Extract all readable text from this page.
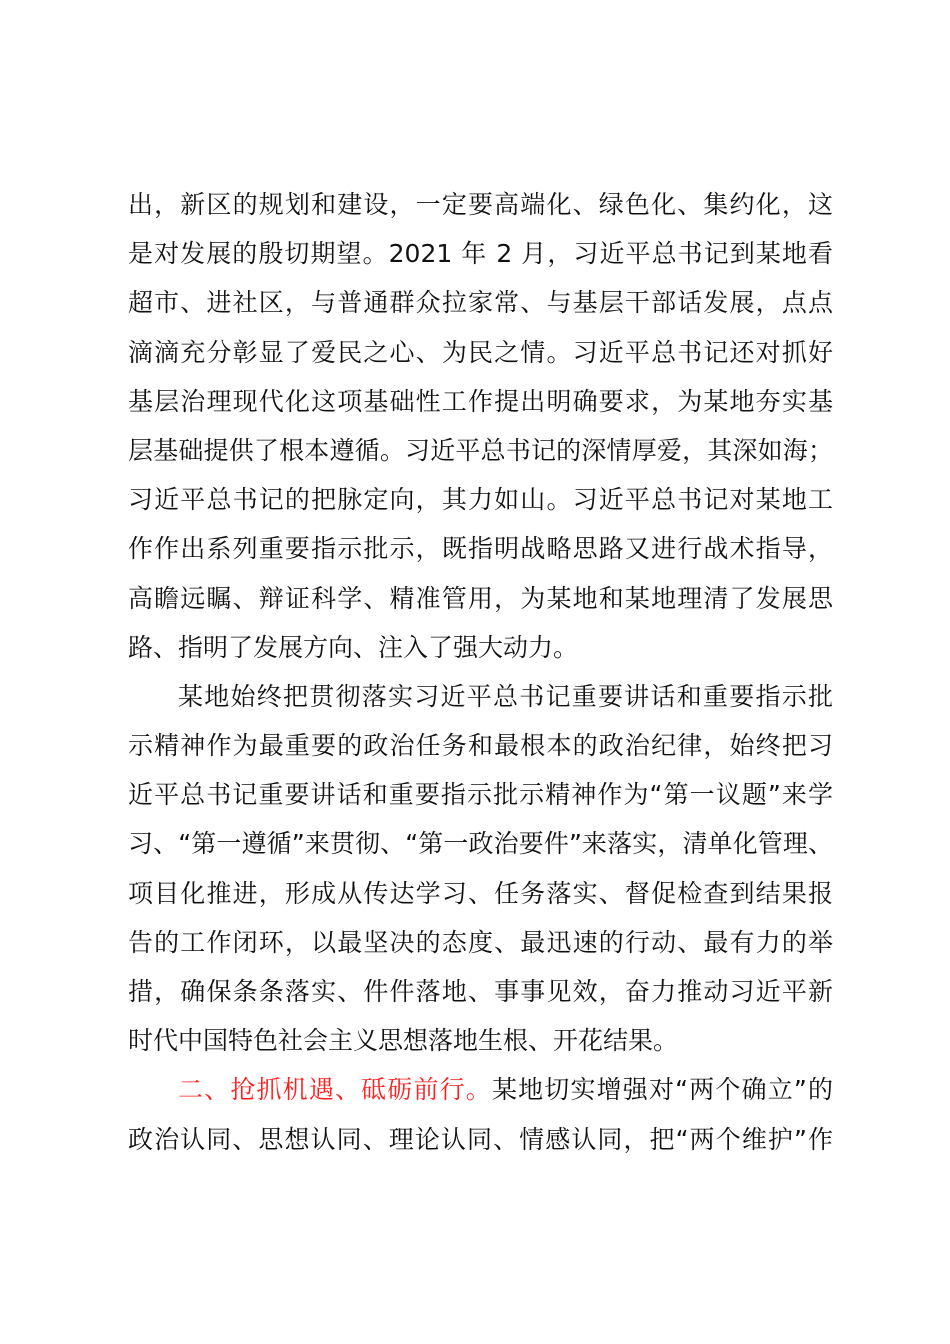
出，新区的规划和建设，一定要高端化、绿色化、集约化，这
是对发展的殷切期望。2021 年 2 月，习近平总书记到某地看
超市、进社区，与普通群众拉家常、与基层干部话发展，点点
滴滴充分彰显了爱民之心、为民之情。习近平总书记还对抓好
基层治理现代化这项基础性工作提出明确要求，为某地夯实基
层基础提供了根本遵循。习近平总书记的深情厚爱，其深如海；
习近平总书记的把脉定向，其力如山。习近平总书记对某地工
作作出系列重要指示批示，既指明战略思路又进行战术指导，
高瞻远瞩、辩证科学、精准管用，为某地和某地理清了发展思
路、指明了发展方向、注入了强大动力。
某地始终把贯彻落实习近平总书记重要讲话和重要指示批
示精神作为最重要的政治任务和最根本的政治纪律，始终把习
近平总书记重要讲话和重要指示批示精神作为“第一议题”来学
习、“第一遵循”来贯彻、“第一政治要件”来落实，清单化管理、
项目化推进，形成从传达学习、任务落实、督促检查到结果报
告的工作闭环，以最坚决的态度、最迅速的行动、最有力的举
措，确保条条落实、件件落地、事事见效，奋力推动习近平新
时代中国特色社会主义思想落地生根、开花结果。
二、抢抓机遇、砥砺前行。某地切实增强对“两个确立”的
政治认同、思想认同、理论认同、情感认同，把“两个维护”作
